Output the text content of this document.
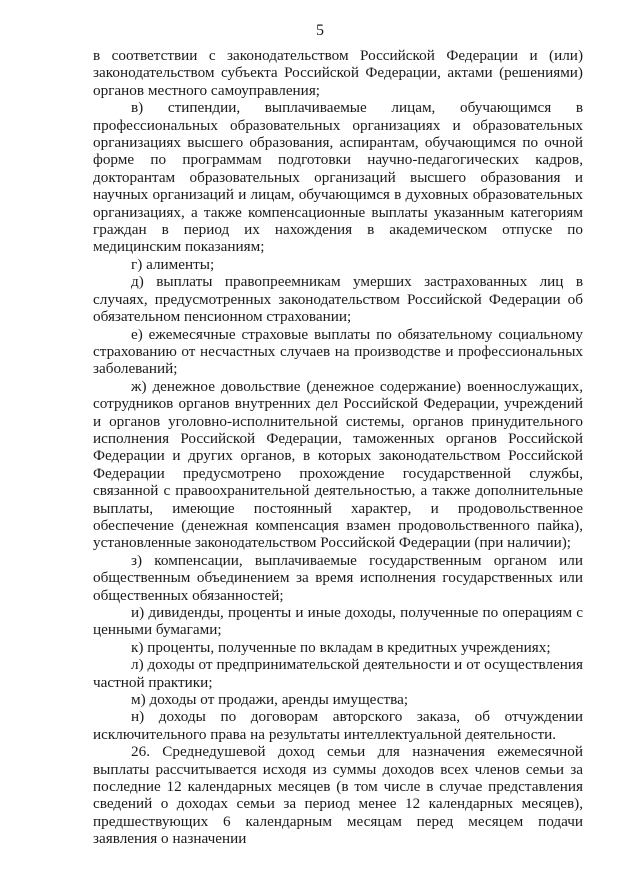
5

в соответствии с законодательством Российской Федерации и (или) законодательством субъекта Российской Федерации, актами (решениями) органов местного самоуправления;

в) стипендии, выплачиваемые лицам, обучающимся в профессиональных образовательных организациях и образовательных организациях высшего образования, аспирантам, обучающимся по очной форме по программам подготовки научно-педагогических кадров, докторантам образовательных организаций высшего образования и научных организаций и лицам, обучающимся в духовных образовательных организациях, а также компенсационные выплаты указанным категориям граждан в период их нахождения в академическом отпуске по медицинским показаниям;

г) алименты;

д) выплаты правопреемникам умерших застрахованных лиц в случаях, предусмотренных законодательством Российской Федерации об обязательном пенсионном страховании;

е) ежемесячные страховые выплаты по обязательному социальному страхованию от несчастных случаев на производстве и профессиональных заболеваний;

ж) денежное довольствие (денежное содержание) военнослужащих, сотрудников органов внутренних дел Российской Федерации, учреждений и органов уголовно-исполнительной системы, органов принудительного исполнения Российской Федерации, таможенных органов Российской Федерации и других органов, в которых законодательством Российской Федерации предусмотрено прохождение государственной службы, связанной с правоохранительной деятельностью, а также дополнительные выплаты, имеющие постоянный характер, и продовольственное обеспечение (денежная компенсация взамен продовольственного пайка), установленные законодательством Российской Федерации (при наличии);

з) компенсации, выплачиваемые государственным органом или общественным объединением за время исполнения государственных или общественных обязанностей;

и) дивиденды, проценты и иные доходы, полученные по операциям с ценными бумагами;

к) проценты, полученные по вкладам в кредитных учреждениях;

л) доходы от предпринимательской деятельности и от осуществления частной практики;

м) доходы от продажи, аренды имущества;

н) доходы по договорам авторского заказа, об отчуждении исключительного права на результаты интеллектуальной деятельности.

26. Среднедушевой доход семьи для назначения ежемесячной выплаты рассчитывается исходя из суммы доходов всех членов семьи за последние 12 календарных месяцев (в том числе в случае представления сведений о доходах семьи за период менее 12 календарных месяцев), предшествующих 6 календарным месяцам перед месяцем подачи заявления о назначении
